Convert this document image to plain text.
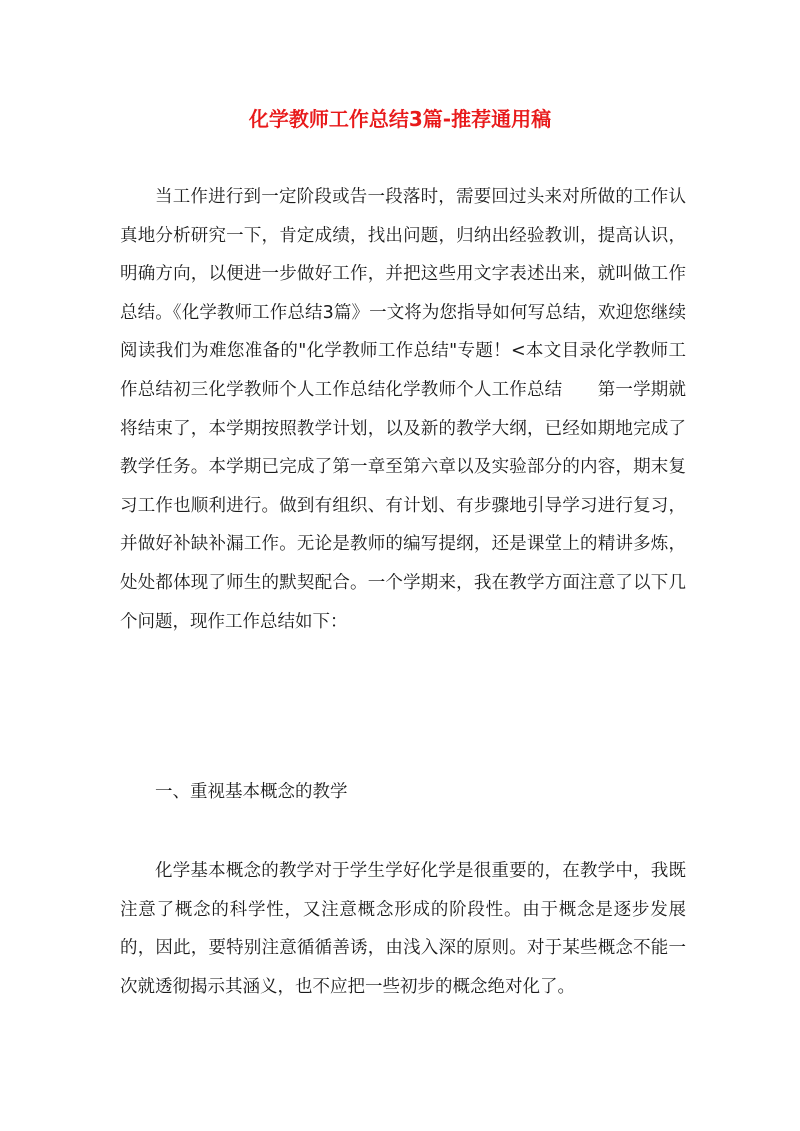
化学教师工作总结3篇-推荐通用稿

当工作进行到一定阶段或告一段落时，需要回过头来对所做的工作认真地分析研究一下，肯定成绩，找出问题，归纳出经验教训，提高认识，明确方向，以便进一步做好工作，并把这些用文字表述出来，就叫做工作总结。《化学教师工作总结3篇》一文将为您指导如何写总结，欢迎您继续阅读我们为难您准备的"化学教师工作总结"专题！<本文目录化学教师工作总结初三化学教师个人工作总结化学教师个人工作总结　　第一学期就将结束了，本学期按照教学计划，以及新的教学大纲，已经如期地完成了教学任务。本学期已完成了第一章至第六章以及实验部分的内容，期末复习工作也顺利进行。做到有组织、有计划、有步骤地引导学习进行复习，并做好补缺补漏工作。无论是教师的编写提纲，还是课堂上的精讲多炼，处处都体现了师生的默契配合。一个学期来，我在教学方面注意了以下几个问题，现作工作总结如下：

一、重视基本概念的教学

化学基本概念的教学对于学生学好化学是很重要的，在教学中，我既注意了概念的科学性，又注意概念形成的阶段性。由于概念是逐步发展的，因此，要特别注意循循善诱，由浅入深的原则。对于某些概念不能一次就透彻揭示其涵义，也不应把一些初步的概念绝对化了。
